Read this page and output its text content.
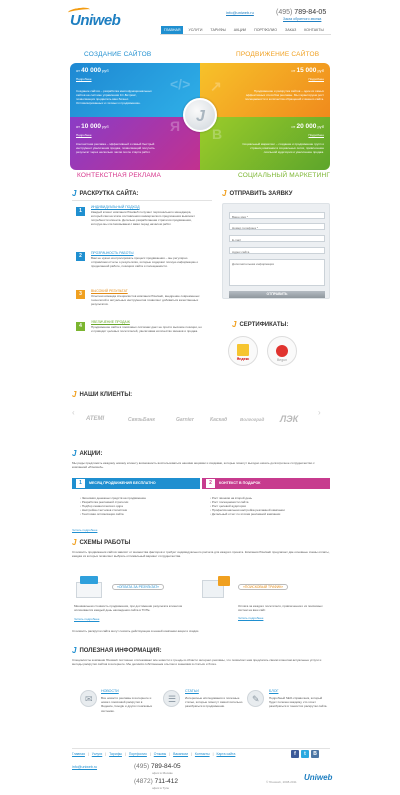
Uniweb	info@uniweb.ru	(495) 789-84-05
Заказ обратного звонка
ГЛАВНАЯ	УСЛУГИ	ТАРИФЫ	АКЦИИ	ПОРТФОЛИО	ЗАКАЗ	КОНТАКТЫ
СОЗДАНИЕ САЙТОВ	ПРОДВИЖЕНИЕ САЙТОВ
от 40 000 руб
Подробнее
Создание сайтов – разработка многофункциональных сайтов на системе управления 1С-Битрикс, позволяющих продвигать ваш бизнес. Оптимизированных и готовых к продвижению.
</>
от 15 000 руб
Подробнее
Продвижение и раскрутка сайтов – один из самых эффективных способов рекламы. Мы гарантируем рост посещаемости и количества обращений с вашего сайта.
↗
от 10 000 руб
Подробнее
Контекстная реклама – эффективный и самый быстрый инструмент увеличения продаж, позволяющий получить результат через несколько часов после старта работ.
Я	от 20 000 руб
Подробнее
Социальный маркетинг – создание и продвижение групп и страниц компании в социальных сетях, привлечение лояльной аудитории и увеличение продаж.
B
J
КОНТЕКСТНАЯ РЕКЛАМА	СОЦИАЛЬНЫЙ МАРКЕТИНГ
J РАСКРУТКА САЙТА:
1
ИНДИВИДУАЛЬНЫЙ ПОДХОД
Каждый клиент компании Юнивеб получает персонального менеджера, который сам на этапе составления коммерческого предложения выясняет потребности клиента. Детально разработанная стратегия продвижения, которую мы согласовываем с вами перед началом работ.
2	ПРОЗРАЧНОСТЬ РАБОТЫ
Вам не нужно контролировать процесс продвижения – мы регулярно отправляем отчеты о результатах, которые содержат полную информацию о проделанной работе, позициях сайта и посещаемости.
3	ВЫСОКИЙ РЕЗУЛЬТАТ
Опытная команда специалистов компании Юниweb, внедрение современных технологий и актуальных инструментов позволяет добиваться качественных результатов.
4
УВЕЛИЧЕНИЕ ПРОДАЖ
Продвижение сайта в поисковых системах дает не просто высокие позиции, но и приводит целевых посетителей, увеличивая количество звонков и продаж.
J ОТПРАВИТЬ ЗАЯВКУ
Ваше имя *
Номер телефона *
E-mail
Адрес сайта
Дополнительная информация
ОТПРАВИТЬ
J СЕРТИФИКАТЫ:
Яндекс	Begun
J НАШИ КЛИЕНТЫ:
‹
ATEMI	СвязьБанк	Garnier	Каскад	Волгоград ЛЭК
›
J АКЦИИ:
Мы рады предложить каждому новому клиенту возможность воспользоваться нашими акциями и скидками, которые помогут выгодно начать долгосрочное сотрудничество с компанией «Юниweb».
1	МЕСЯЦ ПРОДВИЖЕНИЯ БЕСПЛАТНО	2	КОНТЕКСТ В ПОДАРОК
• Экономия денежных средств на продвижение
• Разработка рекламной стратегии
• Подбор семантического ядра
• Настройка счетчиков статистики
• Текстовая оптимизация сайта
• Рост звонков на второй день
• Рост посещаемости сайта
• Рост целевой аудитории
• Профессиональная настройка рекламной кампании
• Детальный отчет по итогам рекламной кампании
Читать подробнее
J СХЕМЫ РАБОТЫ
Стоимость продвижения сайтов зависит от множества факторов и требует индивидуального расчета для каждого проекта. Компания Юниweb предлагает две основные схемы оплаты, каждая из которых позволяет выбрать оптимальный вариант сотрудничества.
«ОПЛАТА ЗА РЕЗУЛЬТАТ»
Минимальная стоимость продвижения, при достижении результата клиентом оплачивается каждый день нахождения сайта в ТОПе.
Читать подробнее
«ПОИСКОВЫЙ ТРАФИК»
Оплата за каждого посетителя, привлеченного из поисковых систем на ваш сайт.
Читать подробнее
Стоимость раскрутки сайта могут снизить действующие в нашей компании акции и скидки.
J ПОЛЕЗНАЯ ИНФОРМАЦИЯ:
Специалисты компании Юниweb постоянно отслеживают все новости и тренды в области интернет-рекламы, что позволяет нам предлагать своим клиентам актуальные услуги и методы раскрутки сайтов в интернете. Мы делимся собственным опытом и знаниями в статьях и блоге.
✉
НОВОСТИ
Все новости рекламы в интернете и нового поисковой раскрутки в Яндексе, Google и других поисковых системах.
☰
СТАТЬИ
Интересные исследования и полезные статьи, которые помогут самостоятельно разобраться в продвижении.
✎
БЛОГ
Подробный SEO-справочник, который будет полезен каждому, кто хочет разобраться в тонкостях раскрутки сайта.
Главная | Услуги | Тарифы | Портфолио | Отзывы | Вакансии | Контакты | Карта сайта	f	t	B
info@uniweb.ru	(495) 789-84-05
офис в Москве
(4872) 711-412
офис в Туле
© Юниweb, 2008-2011 Uniweb
